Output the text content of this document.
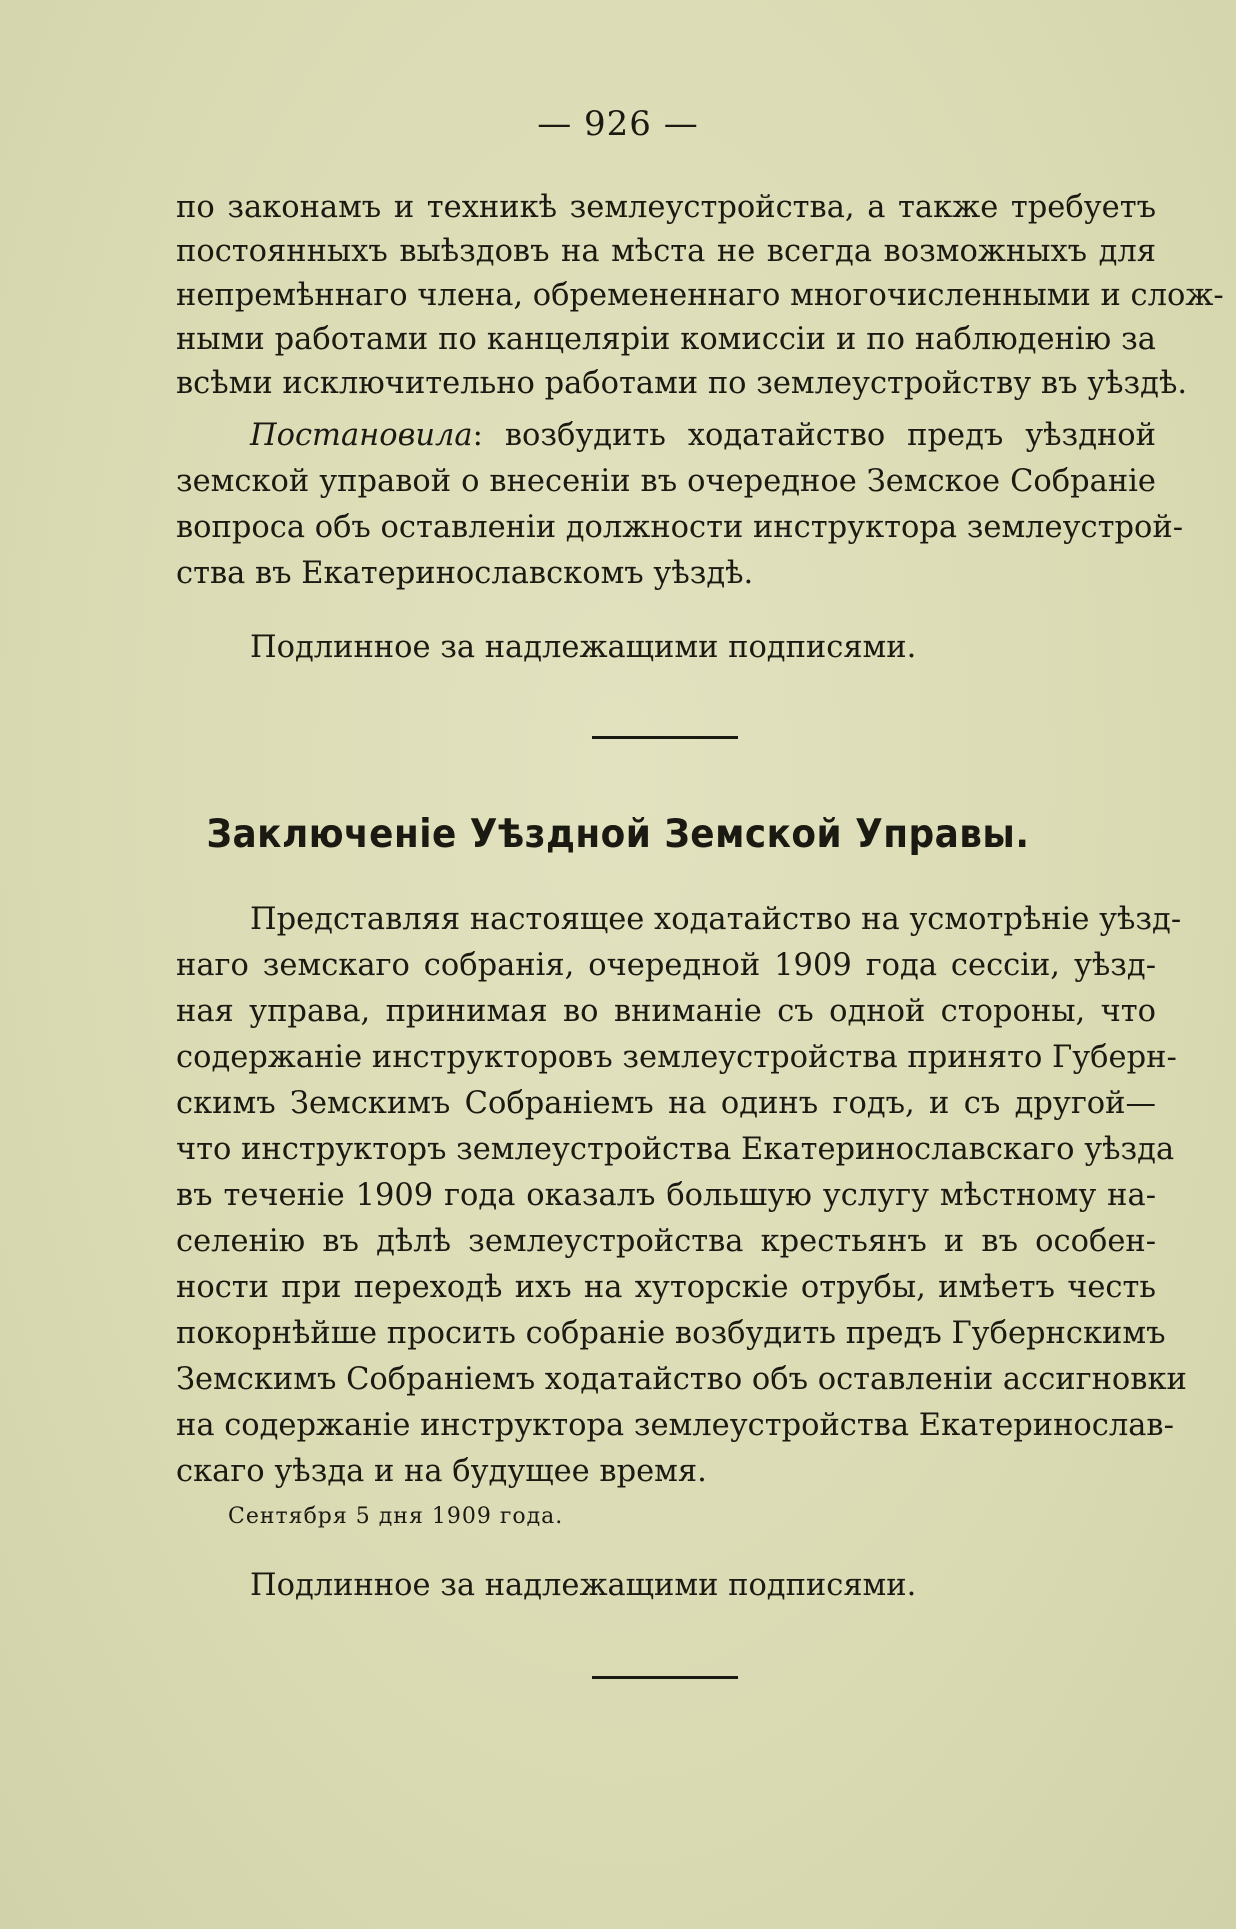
— 926 —
по законамъ и техникѣ землеустройства, а также требуетъ
постоянныхъ выѣздовъ на мѣста не всегда возможныхъ для
непремѣннаго члена, обремененнаго многочисленными и слож-
ными работами по канцеляріи комиссіи и по наблюденію за
всѣми исключительно работами по землеустройству въ уѣздѣ.
Постановила: возбудить ходатайство предъ уѣздной
земской управой о внесеніи въ очередное Земское Собраніе
вопроса объ оставленіи должности инструктора землеустрой-
ства въ Екатеринославскомъ уѣздѣ.
Подлинное за надлежащими подписями.
Заключеніе Уѣздной Земской Управы.
Представляя настоящее ходатайство на усмотрѣніе уѣзд-
наго земскаго собранія, очередной 1909 года сессіи, уѣзд-
ная управа, принимая во вниманіе съ одной стороны, что
содержаніе инструкторовъ землеустройства принято Губерн-
скимъ Земскимъ Собраніемъ на одинъ годъ, и съ другой—
что инструкторъ землеустройства Екатеринославскаго уѣзда
въ теченіе 1909 года оказалъ большую услугу мѣстному на-
селенію въ дѣлѣ землеустройства крестьянъ и въ особен-
ности при переходѣ ихъ на хуторскіе отрубы, имѣетъ честь
покорнѣйше просить собраніе возбудить предъ Губернскимъ
Земскимъ Собраніемъ ходатайство объ оставленіи ассигновки
на содержаніе инструктора землеустройства Екатеринослав-
скаго уѣзда и на будущее время.
Сентября 5 дня 1909 года.
Подлинное за надлежащими подписями.
